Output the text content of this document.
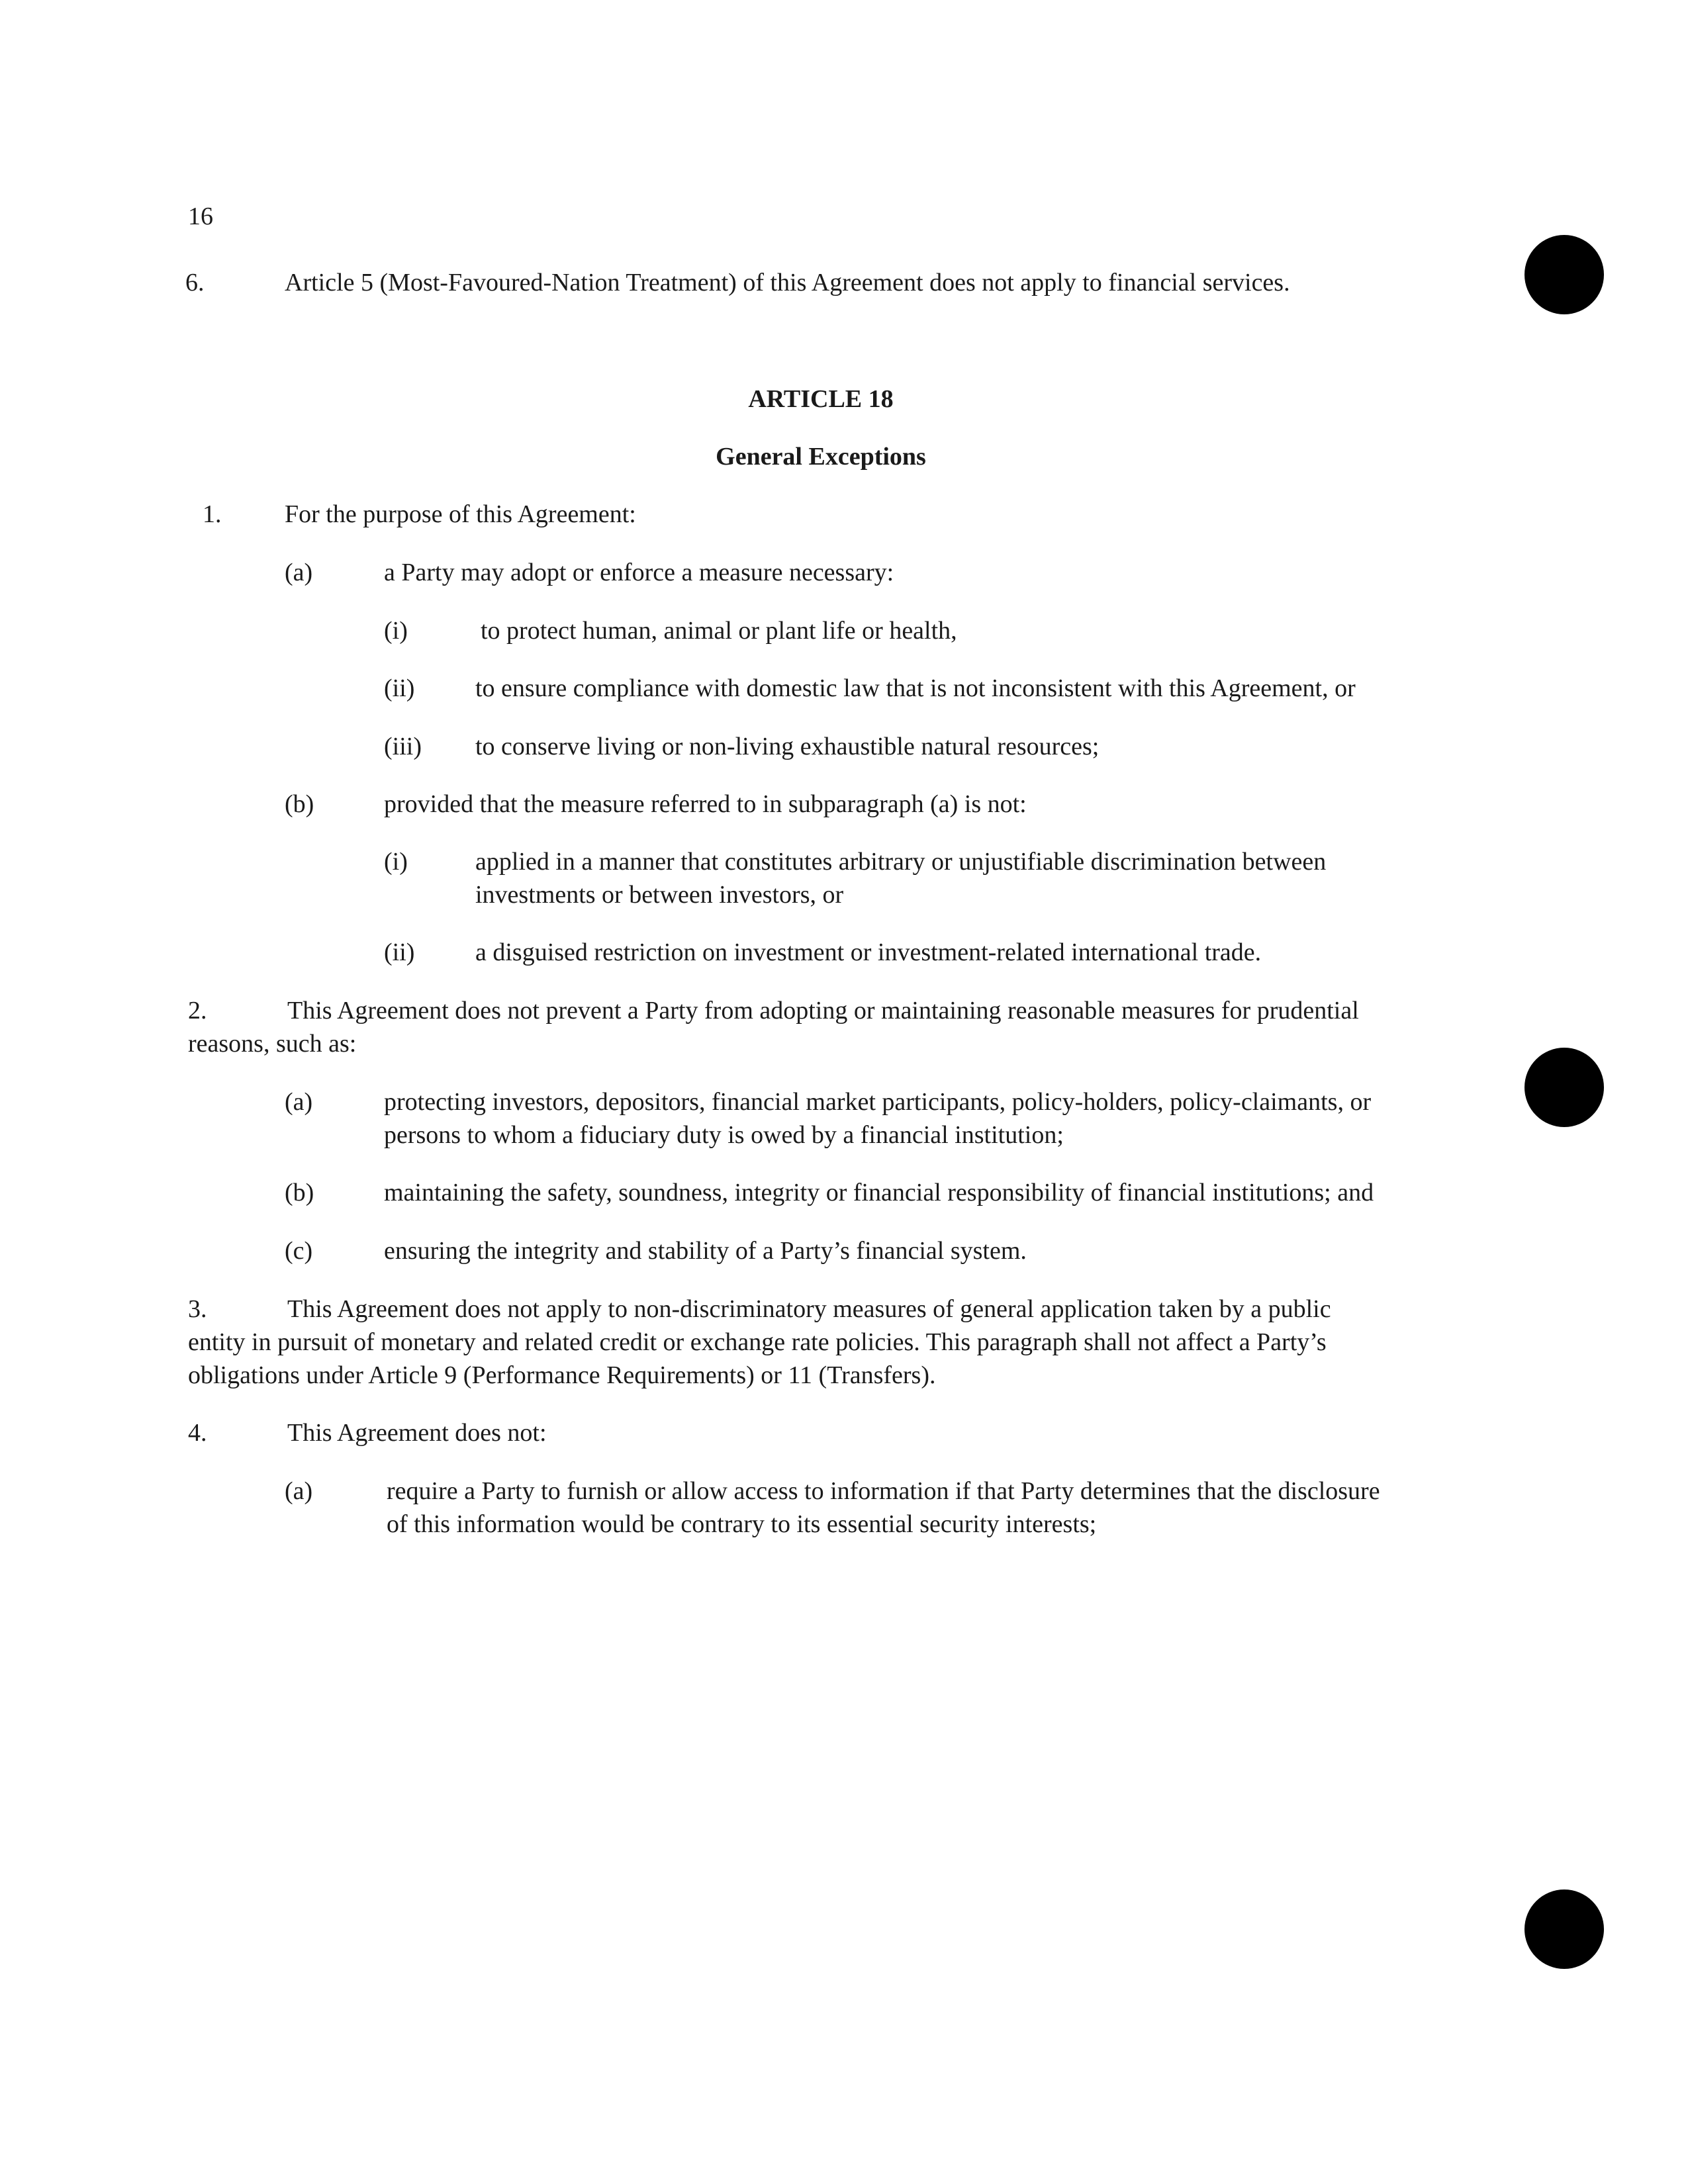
16
6.	Article 5 (Most-Favoured-Nation Treatment) of this Agreement does not apply to financial services.
ARTICLE 18
General Exceptions
1.	For the purpose of this Agreement:
(a)	a Party may adopt or enforce a measure necessary:
(i)	to protect human, animal or plant life or health,
(ii) to ensure compliance with domestic law that is not inconsistent with this Agreement, or
(iii) to conserve living or non-living exhaustible natural resources;
(b)	provided that the measure referred to in subparagraph (a) is not:
(i)	applied in a manner that constitutes arbitrary or unjustifiable discrimination between
investments or between investors, or
(ii) a disguised restriction on investment or investment-related international trade.
2.	This Agreement does not prevent a Party from adopting or maintaining reasonable measures for prudential
reasons, such as:
(a)	protecting investors, depositors, financial market participants, policy-holders, policy-claimants, or
persons to whom a fiduciary duty is owed by a financial institution;
(b)	maintaining the safety, soundness, integrity or financial responsibility of financial institutions; and
(c)	ensuring the integrity and stability of a Party’s financial system.
3.	This Agreement does not apply to non-discriminatory measures of general application taken by a public
entity in pursuit of monetary and related credit or exchange rate policies. This paragraph shall not affect a Party’s
obligations under Article 9 (Performance Requirements) or 11 (Transfers).
4.	This Agreement does not:
(a)	require a Party to furnish or allow access to information if that Party determines that the disclosure
of this information would be contrary to its essential security interests;
